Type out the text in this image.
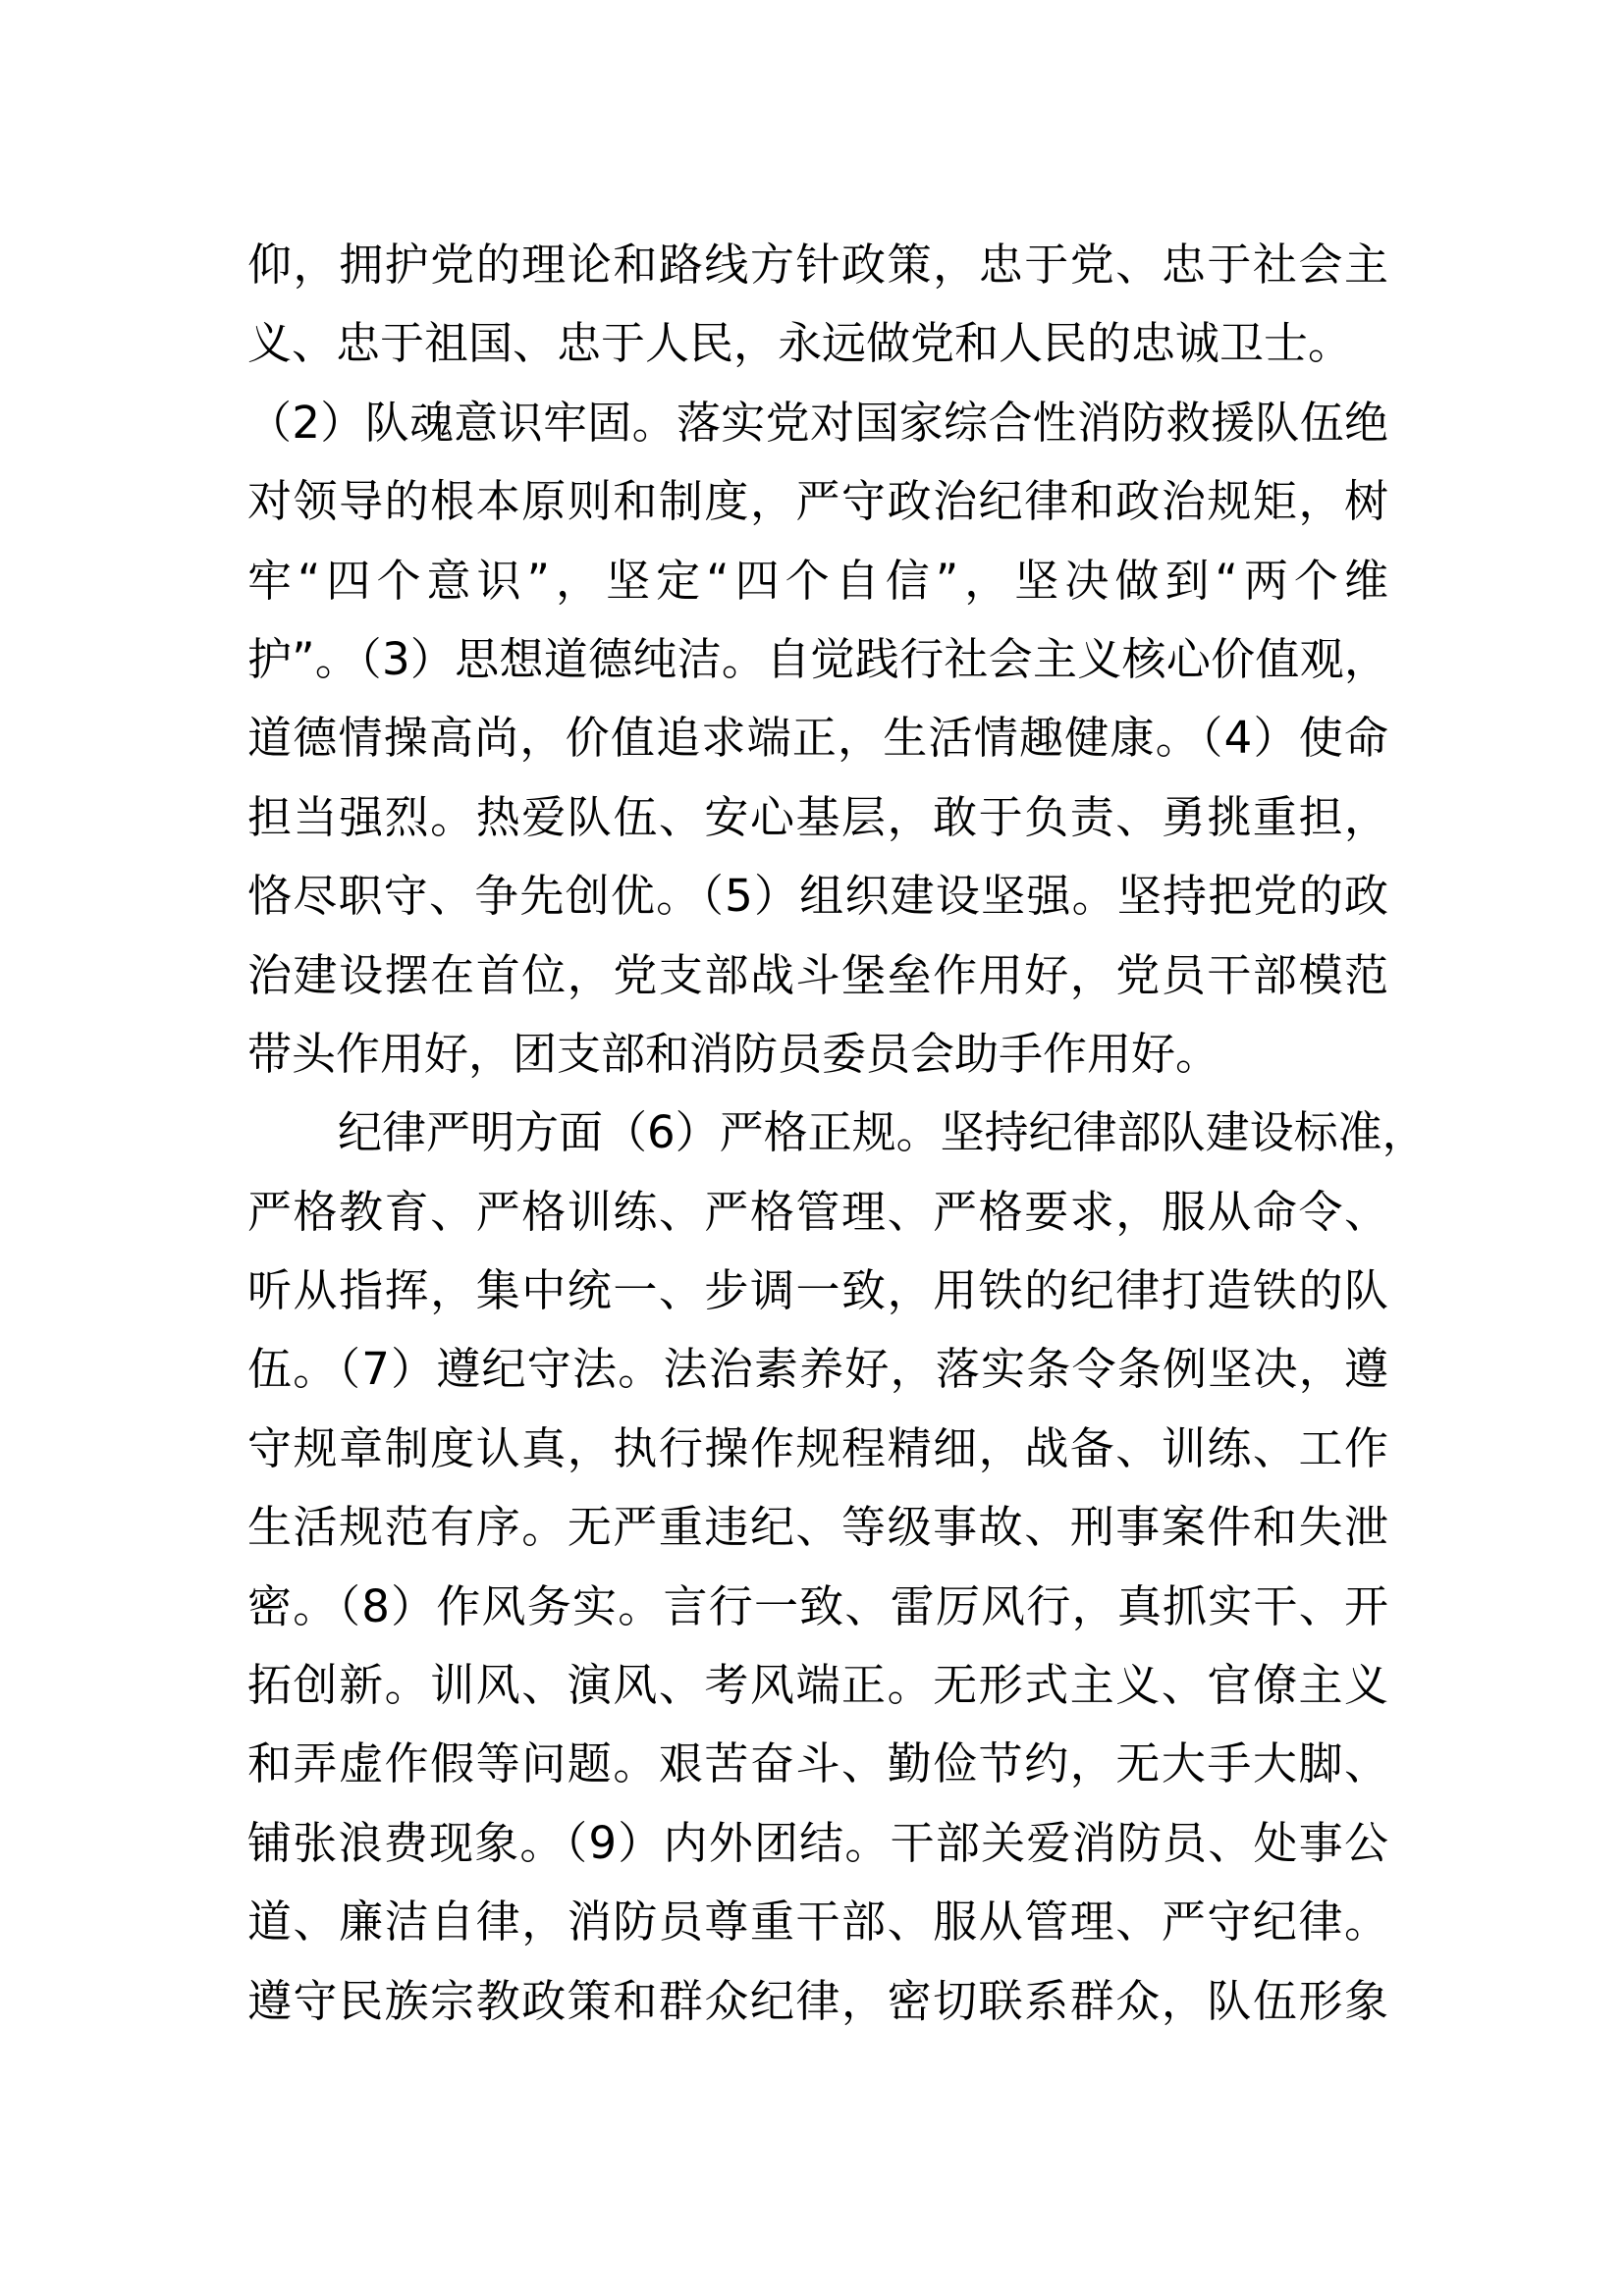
仰，拥护党的理论和路线方针政策，忠于党、忠于社会主
义、忠于祖国、忠于人民，永远做党和人民的忠诚卫士。
（2）队魂意识牢固。落实党对国家综合性消防救援队伍绝
对领导的根本原则和制度，严守政治纪律和政治规矩，树
牢“四个意识”，坚定“四个自信”，坚决做到“两个维
护”。（3）思想道德纯洁。自觉践行社会主义核心价值观，
道德情操高尚，价值追求端正，生活情趣健康。（4）使命
担当强烈。热爱队伍、安心基层，敢于负责、勇挑重担，
恪尽职守、争先创优。（5）组织建设坚强。坚持把党的政
治建设摆在首位，党支部战斗堡垒作用好，党员干部模范
带头作用好，团支部和消防员委员会助手作用好。
纪律严明方面（6）严格正规。坚持纪律部队建设标准，
严格教育、严格训练、严格管理、严格要求，服从命令、
听从指挥，集中统一、步调一致，用铁的纪律打造铁的队
伍。（7）遵纪守法。法治素养好，落实条令条例坚决，遵
守规章制度认真，执行操作规程精细，战备、训练、工作
生活规范有序。无严重违纪、等级事故、刑事案件和失泄
密。（8）作风务实。言行一致、雷厉风行，真抓实干、开
拓创新。训风、演风、考风端正。无形式主义、官僚主义
和弄虚作假等问题。艰苦奋斗、勤俭节约，无大手大脚、
铺张浪费现象。（9）内外团结。干部关爱消防员、处事公
道、廉洁自律，消防员尊重干部、服从管理、严守纪律。
遵守民族宗教政策和群众纪律，密切联系群众，队伍形象
